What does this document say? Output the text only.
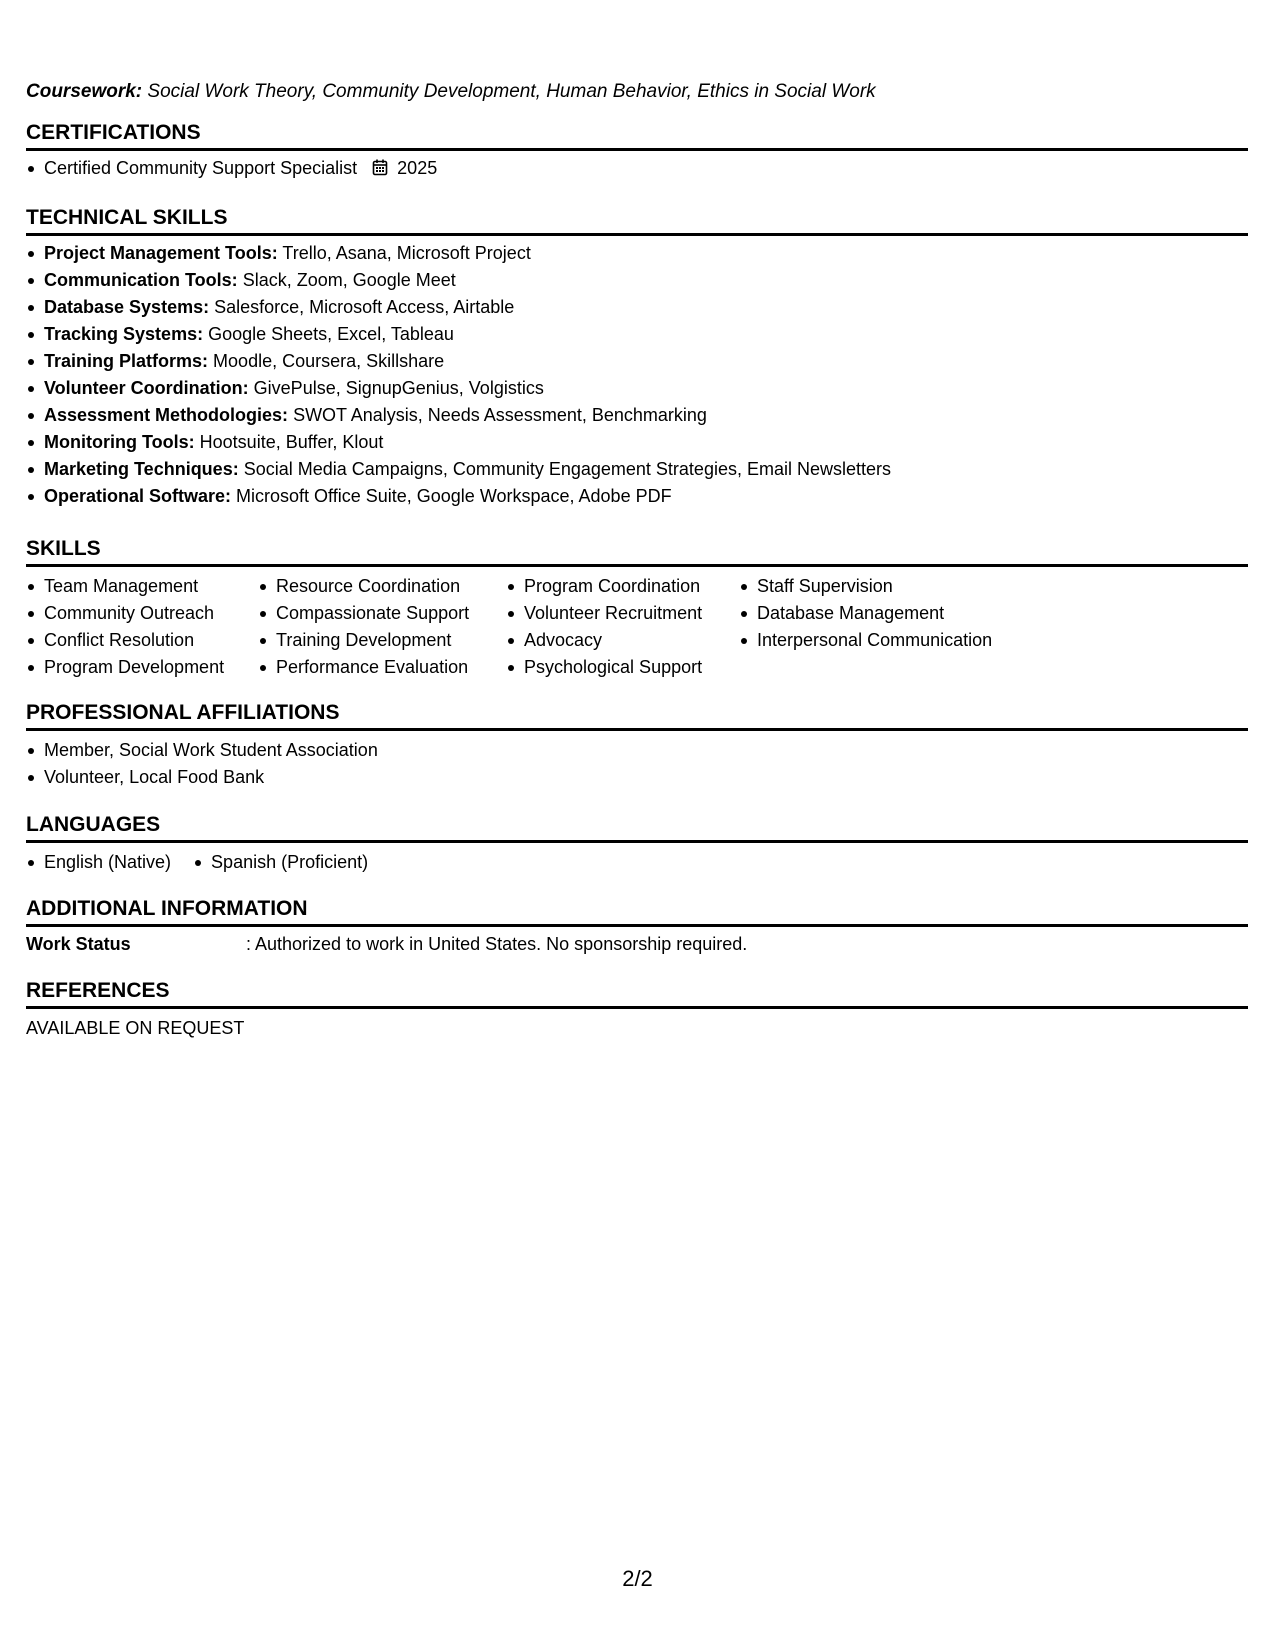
Coursework: Social Work Theory, Community Development, Human Behavior, Ethics in Social Work
CERTIFICATIONS
Certified Community Support Specialist 2025
TECHNICAL SKILLS
Project Management Tools: Trello, Asana, Microsoft Project
Communication Tools: Slack, Zoom, Google Meet
Database Systems: Salesforce, Microsoft Access, Airtable
Tracking Systems: Google Sheets, Excel, Tableau
Training Platforms: Moodle, Coursera, Skillshare
Volunteer Coordination: GivePulse, SignupGenius, Volgistics
Assessment Methodologies: SWOT Analysis, Needs Assessment, Benchmarking
Monitoring Tools: Hootsuite, Buffer, Klout
Marketing Techniques: Social Media Campaigns, Community Engagement Strategies, Email Newsletters
Operational Software: Microsoft Office Suite, Google Workspace, Adobe PDF
SKILLS
Team Management
Community Outreach
Conflict Resolution
Program Development
Resource Coordination
Compassionate Support
Training Development
Performance Evaluation
Program Coordination
Volunteer Recruitment
Advocacy
Psychological Support
Staff Supervision
Database Management
Interpersonal Communication
PROFESSIONAL AFFILIATIONS
Member, Social Work Student Association
Volunteer, Local Food Bank
LANGUAGES
English (Native)	Spanish (Proficient)
ADDITIONAL INFORMATION
Work Status	: Authorized to work in United States. No sponsorship required.
REFERENCES
AVAILABLE ON REQUEST
2/2
